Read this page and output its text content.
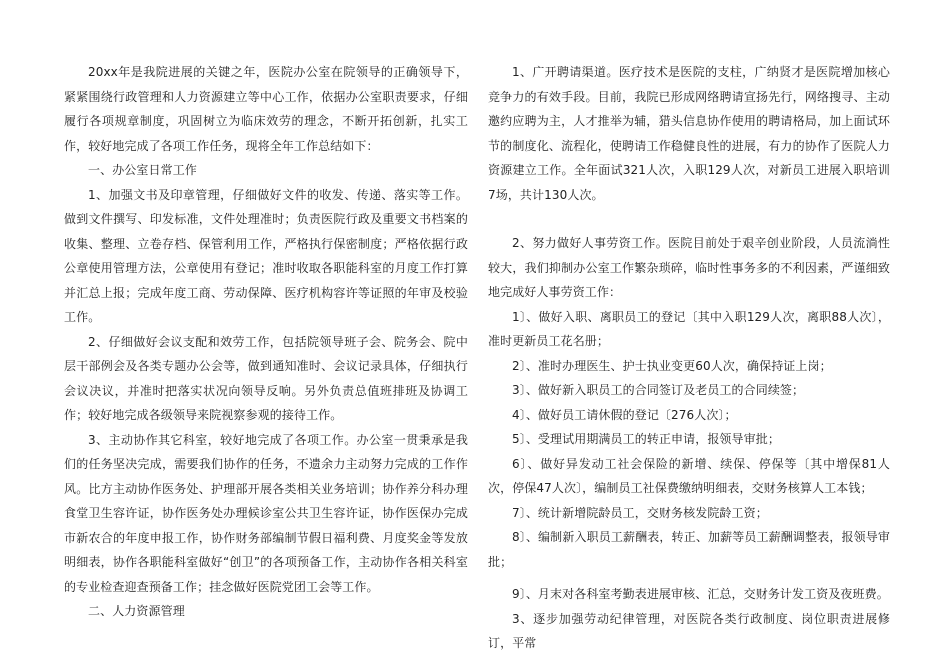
20xx年是我院进展的关键之年，医院办公室在院领导的正确领导下，紧紧围绕行政管理和人力资源建立等中心工作，依据办公室职责要求，仔细履行各项规章制度，巩固树立为临床效劳的理念，不断开拓创新，扎实工作，较好地完成了各项工作任务，现将全年工作总结如下：

一、办公室日常工作

1、加强文书及印章管理，仔细做好文件的收发、传递、落实等工作。做到文件撰写、印发标准，文件处理准时；负责医院行政及重要文书档案的收集、整理、立卷存档、保管利用工作，严格执行保密制度；严格依据行政公章使用管理方法，公章使用有登记；准时收取各职能科室的月度工作打算并汇总上报；完成年度工商、劳动保障、医疗机构容许等证照的年审及校验工作。

2、仔细做好会议支配和效劳工作，包括院领导班子会、院务会、院中层干部例会及各类专题办公会等，做到通知准时、会议记录具体，仔细执行会议决议，并准时把落实状况向领导反响。另外负责总值班排班及协调工作；较好地完成各级领导来院视察参观的接待工作。

3、主动协作其它科室，较好地完成了各项工作。办公室一贯秉承是我们的任务坚决完成，需要我们协作的任务，不遗余力主动努力完成的工作作风。比方主动协作医务处、护理部开展各类相关业务培训；协作养分科办理食堂卫生容许证，协作医务处办理候诊室公共卫生容许证，协作医保办完成市新农合的年度申报工作，协作财务部编制节假日福利费、月度奖金等发放明细表，协作各职能科室做好“创卫”的各项预备工作，主动协作各相关科室的专业检查迎查预备工作；挂念做好医院党团工会等工作。

二、人力资源管理

1、广开聘请渠道。医疗技术是医院的支柱，广纳贤才是医院增加核心竞争力的有效手段。目前，我院已形成网络聘请宣扬先行，网络搜寻、主动邀约应聘为主，人才推举为辅，猎头信息协作使用的聘请格局，加上面试环节的制度化、流程化，使聘请工作稳健良性的进展，有力的协作了医院人力资源建立工作。全年面试321人次，入职129人次，对新员工进展入职培训7场，共计130人次。

2、努力做好人事劳资工作。医院目前处于艰辛创业阶段，人员流淌性较大，我们抑制办公室工作繁杂琐碎，临时性事务多的不利因素，严谨细致地完成好人事劳资工作：

1〕、做好入职、离职员工的登记〔其中入职129人次，离职88人次〕，准时更新员工花名册；

2〕、准时办理医生、护士执业变更60人次，确保持证上岗；

3〕、做好新入职员工的合同签订及老员工的合同续签；

4〕、做好员工请休假的登记〔276人次〕；

5〕、受理试用期满员工的转正申请，报领导审批；

6〕、做好异发动工社会保险的新增、续保、停保等〔其中增保81人次，停保47人次〕，编制员工社保费缴纳明细表，交财务核算人工本钱；

7〕、统计新增院龄员工，交财务核发院龄工资；

8〕、编制新入职员工薪酬表，转正、加薪等员工薪酬调整表，报领导审批；

9〕、月末对各科室考勤表进展审核、汇总，交财务计发工资及夜班费。

3、逐步加强劳动纪律管理，对医院各类行政制度、岗位职责进展修订，平常
